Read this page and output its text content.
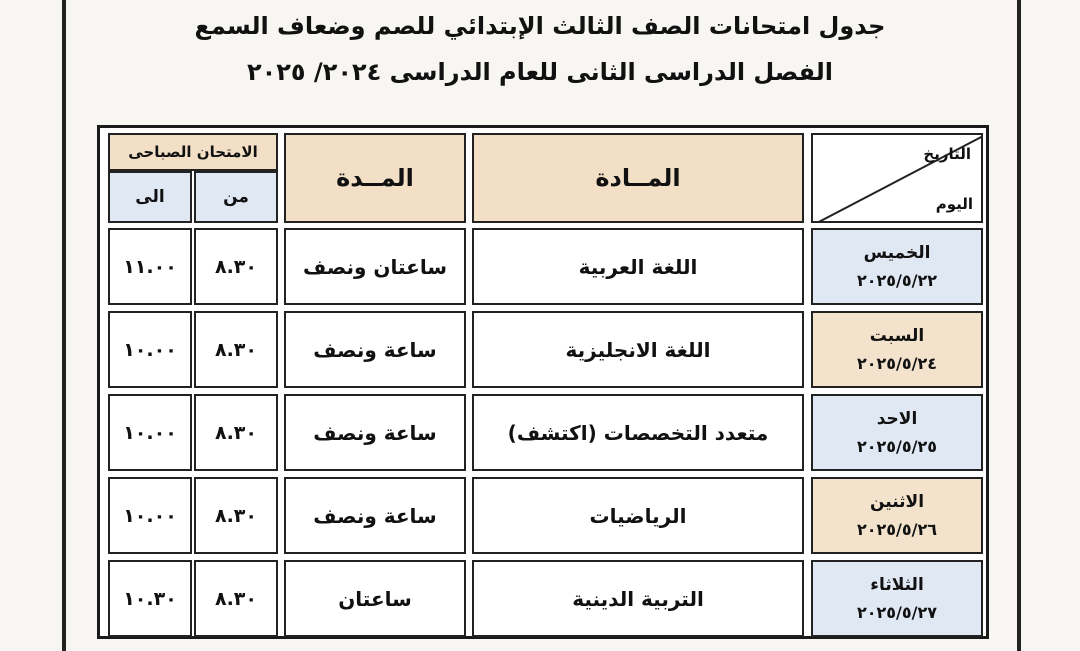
جدول امتحانات الصف الثالث الإبتدائي للصم وضعاف السمع
الفصل الدراسى الثانى للعام الدراسى ٢٠٢٤/ ٢٠٢٥
التاريخ
اليوم
المــادة
المــدة
الامتحان الصباحى
الى	من
الخميس
٢٠٢٥/٥/٢٢
اللغة العربية
ساعتان ونصف
٨.٣٠
١١.٠٠
السبت
٢٠٢٥/٥/٢٤
اللغة الانجليزية
ساعة ونصف
٨.٣٠
١٠.٠٠
الاحد
٢٠٢٥/٥/٢٥
متعدد التخصصات (اكتشف)
ساعة ونصف
٨.٣٠
١٠.٠٠
الاثنين
٢٠٢٥/٥/٢٦
الرياضيات
ساعة ونصف
٨.٣٠
١٠.٠٠
الثلاثاء
٢٠٢٥/٥/٢٧
التربية الدينية
ساعتان
٨.٣٠
١٠.٣٠
